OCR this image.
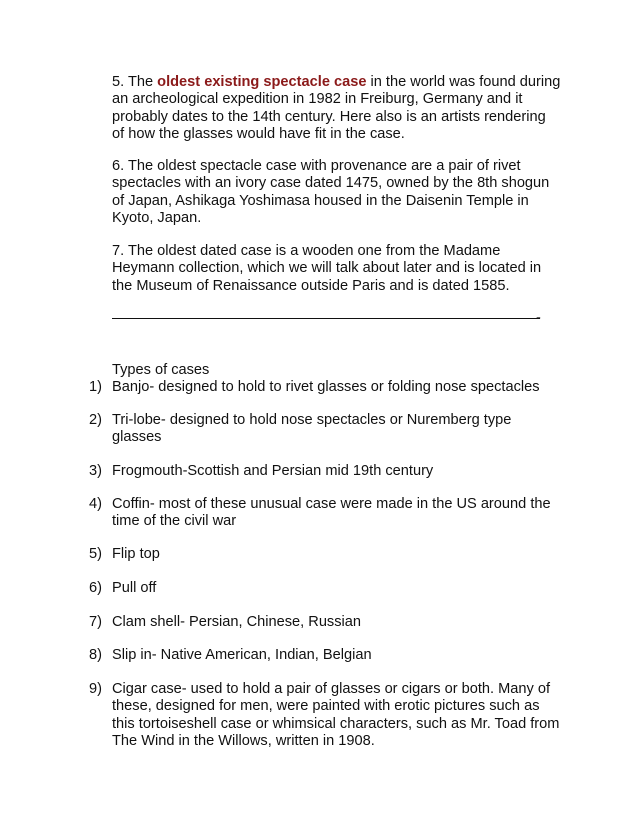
5. The oldest existing spectacle case in the world was found during
an archeological expedition in 1982 in Freiburg, Germany and it
probably dates to the 14th century. Here also is an artists rendering
of how the glasses would have fit in the case.

6. The oldest spectacle case with provenance are a pair of rivet
spectacles with an ivory case dated 1475, owned by the 8th shogun
of Japan, Ashikaga Yoshimasa housed in the Daisenin Temple in
Kyoto, Japan.

7. The oldest dated case is a wooden one from the Madame
Heymann collection, which we will talk about later and is located in
the Museum of Renaissance outside Paris and is dated 1585.

-

Types of cases

1) Banjo- designed to hold to rivet glasses or folding nose spectacles
2) Tri-lobe- designed to hold nose spectacles or Nuremberg type
glasses
3) Frogmouth-Scottish and Persian mid 19th century
4) Coffin- most of these unusual case were made in the US around the
time of the civil war
5) Flip top
6) Pull off
7) Clam shell- Persian, Chinese, Russian
8) Slip in- Native American, Indian, Belgian
9) Cigar case- used to hold a pair of glasses or cigars or both. Many of
these, designed for men, were painted with erotic pictures such as
this tortoiseshell case or whimsical characters, such as Mr. Toad from
The Wind in the Willows, written in 1908.
